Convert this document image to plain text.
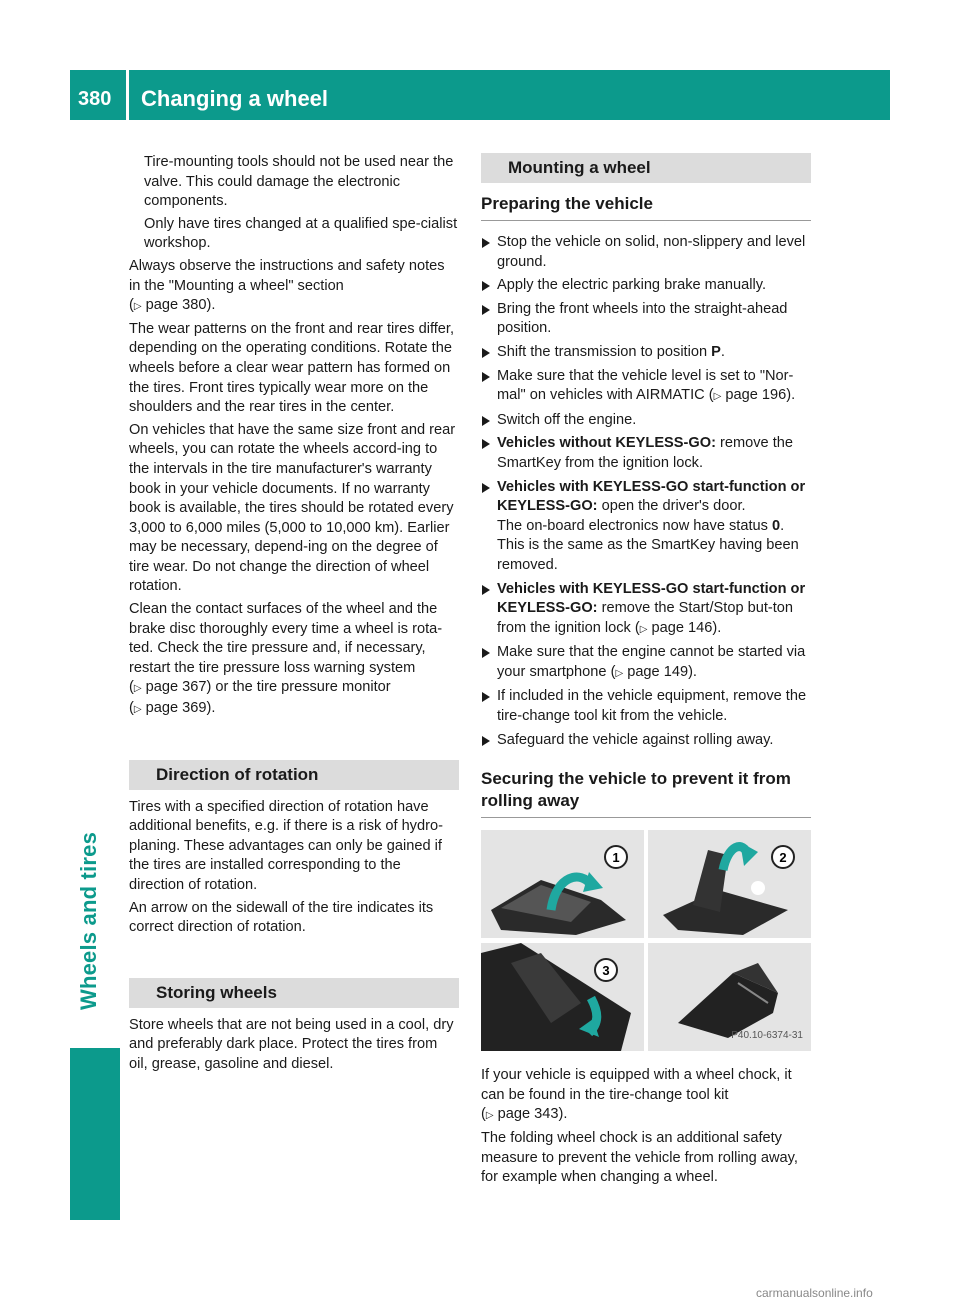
380 Changing a wheel
Wheels and tires

Tire-mounting tools should not be used near the valve. This could damage the electronic components.

Only have tires changed at a qualified spe-cialist workshop.

Always observe the instructions and safety notes in the "Mounting a wheel" section
(▷ page 380).

The wear patterns on the front and rear tires differ, depending on the operating conditions. Rotate the wheels before a clear wear pattern has formed on the tires. Front tires typically wear more on the shoulders and the rear tires in the center.

On vehicles that have the same size front and rear wheels, you can rotate the wheels accord-ing to the intervals in the tire manufacturer's warranty book in your vehicle documents. If no warranty book is available, the tires should be rotated every 3,000 to 6,000 miles (5,000 to 10,000 km). Earlier may be necessary, depend-ing on the degree of tire wear. Do not change the direction of wheel rotation.

Clean the contact surfaces of the wheel and the brake disc thoroughly every time a wheel is rota-ted. Check the tire pressure and, if necessary, restart the tire pressure loss warning system
(▷ page 367) or the tire pressure monitor
(▷ page 369).

Direction of rotation

Tires with a specified direction of rotation have additional benefits, e.g. if there is a risk of hydro-planing. These advantages can only be gained if the tires are installed corresponding to the direction of rotation.

An arrow on the sidewall of the tire indicates its correct direction of rotation.

Storing wheels

Store wheels that are not being used in a cool, dry and preferably dark place. Protect the tires from oil, grease, gasoline and diesel.

Mounting a wheel
Preparing the vehicle
Stop the vehicle on solid, non-slippery and level ground.
Apply the electric parking brake manually.
Bring the front wheels into the straight-ahead position.
Shift the transmission to position P.
Make sure that the vehicle level is set to "Nor-mal" on vehicles with AIRMATIC (▷ page 196).
Switch off the engine.
Vehicles without KEYLESS-GO: remove the SmartKey from the ignition lock.
Vehicles with KEYLESS-GO start-function or KEYLESS-GO: open the driver's door.
The on-board electronics now have status 0. This is the same as the SmartKey having been removed.
Vehicles with KEYLESS-GO start-function or KEYLESS-GO: remove the Start/Stop but-ton from the ignition lock (▷ page 146).
Make sure that the engine cannot be started via your smartphone (▷ page 149).
If included in the vehicle equipment, remove the tire-change tool kit from the vehicle.
Safeguard the vehicle against rolling away.
Securing the vehicle to prevent it from rolling away
1	2
3
P40.10-6374-31

If your vehicle is equipped with a wheel chock, it can be found in the tire-change tool kit
(▷ page 343).

The folding wheel chock is an additional safety measure to prevent the vehicle from rolling away, for example when changing a wheel.

carmanualsonline.info
